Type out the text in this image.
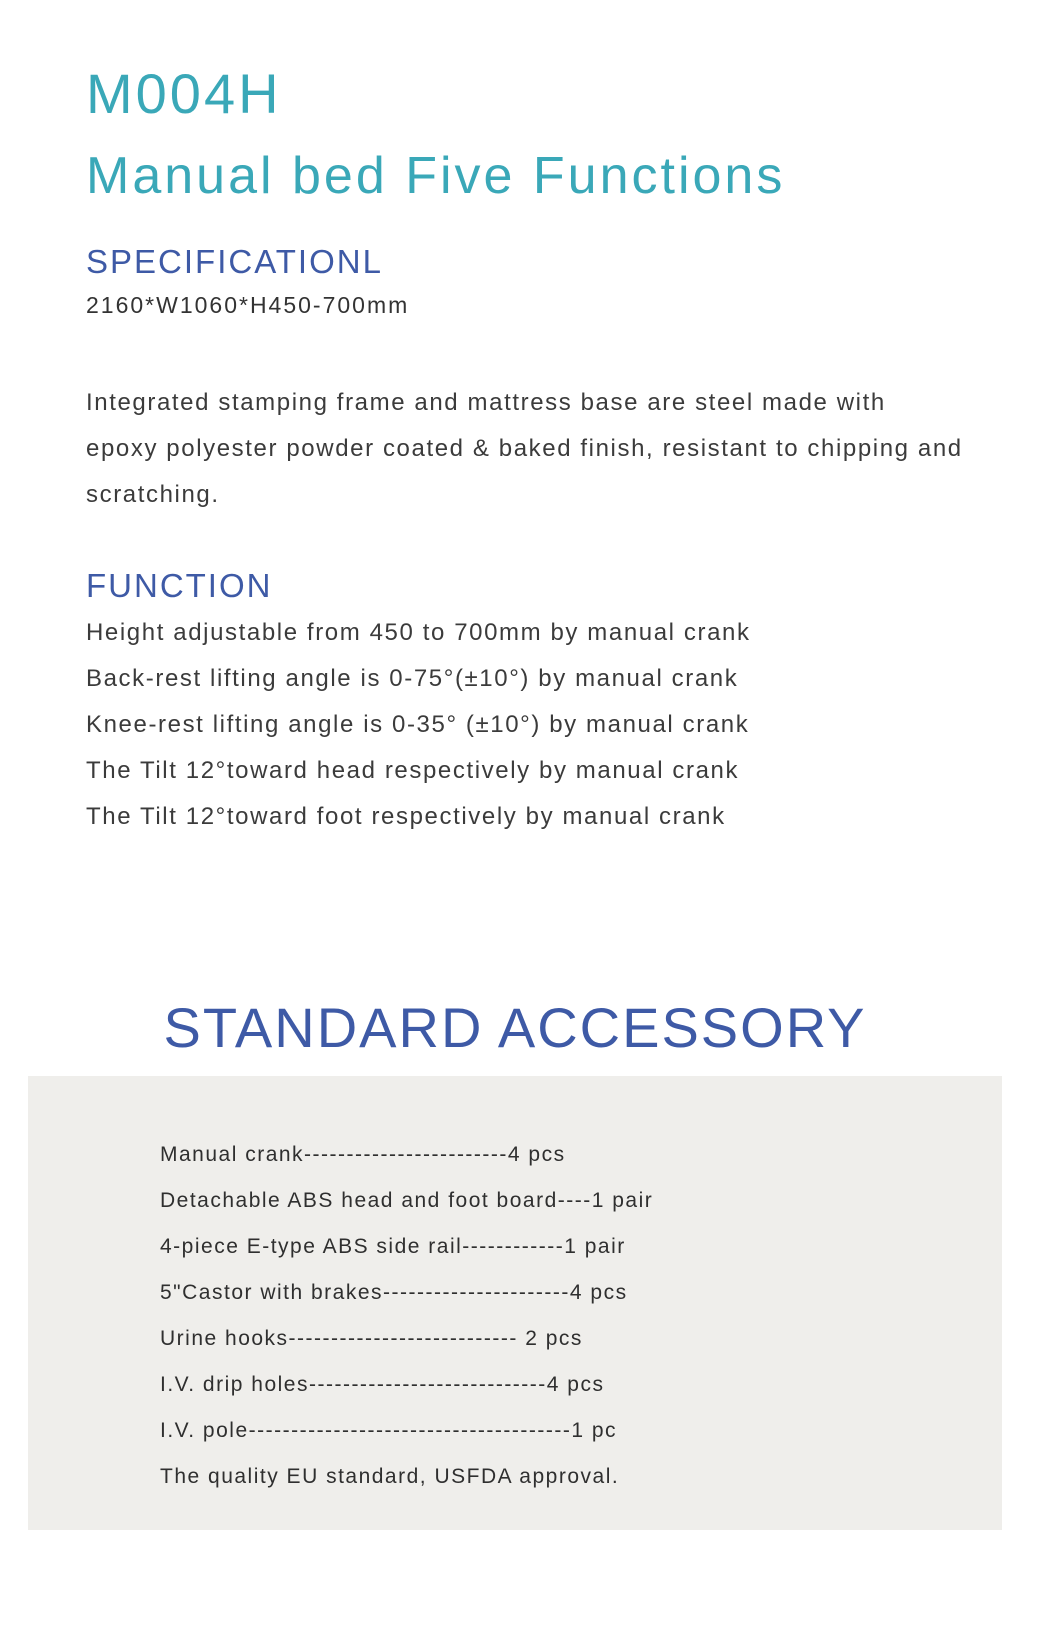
M004H
Manual bed Five Functions
SPECIFICATIONL

2160*W1060*H450-700mm

Integrated stamping frame and mattress base are steel made with epoxy polyester powder coated & baked finish, resistant to chipping and scratching.

FUNCTION
Height adjustable from 450 to 700mm by manual crank
Back-rest lifting angle is 0-75°(±10°) by manual crank
Knee-rest lifting angle is 0-35° (±10°) by manual crank
The Tilt 12°toward head respectively by manual crank
The Tilt 12°toward foot respectively by manual crank
STANDARD ACCESSORY
Manual crank------------------------4 pcs
Detachable ABS head and foot board----1 pair
4-piece E-type ABS side rail------------1 pair
5"Castor with brakes----------------------4 pcs
Urine hooks--------------------------- 2 pcs
I.V. drip holes----------------------------4 pcs
I.V. pole--------------------------------------1 pc
The quality EU standard, USFDA approval.
